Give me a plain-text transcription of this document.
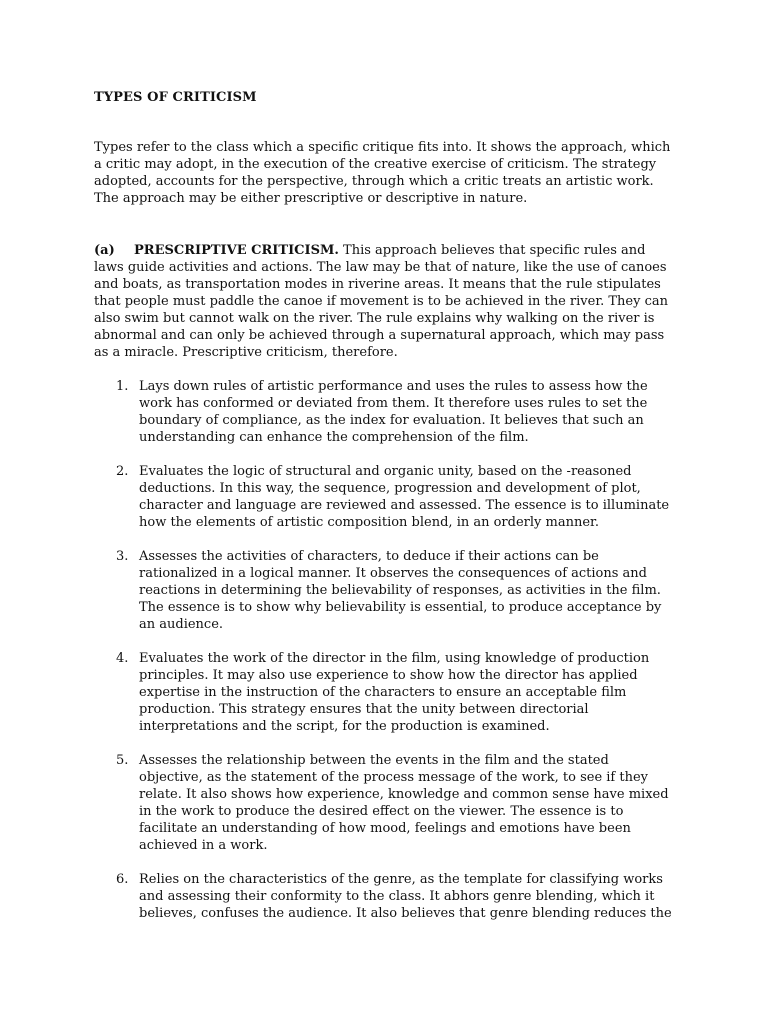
TYPES OF CRITICISM

Types refer to the class which a specific critique fits into. It shows the approach, which a critic may adopt, in the execution of the creative exercise of criticism. The strategy adopted, accounts for the perspective, through which a critic treats an artistic work. The approach may be either prescriptive or descriptive in nature.

(a) PRESCRIPTIVE CRITICISM. This approach believes that specific rules and laws guide activities and actions. The law may be that of nature, like the use of canoes and boats, as transportation modes in riverine areas. It means that the rule stipulates that people must paddle the canoe if movement is to be achieved in the river. They can also swim but cannot walk on the river. The rule explains why walking on the river is abnormal and can only be achieved through a supernatural approach, which may pass as a miracle. Prescriptive criticism, therefore.

1. Lays down rules of artistic performance and uses the rules to assess how the work has conformed or deviated from them. It therefore uses rules to set the boundary of compliance, as the index for evaluation. It believes that such an understanding can enhance the comprehension of the film.
2. Evaluates the logic of structural and organic unity, based on the -reasoned deductions. In this way, the sequence, progression and development of plot, character and language are reviewed and assessed. The essence is to illuminate how the elements of artistic composition blend, in an orderly manner.
3. Assesses the activities of characters, to deduce if their actions can be rationalized in a logical manner. It observes the consequences of actions and reactions in determining the believability of responses, as activities in the film. The essence is to show why believability is essential, to produce acceptance by an audience.
4. Evaluates the work of the director in the film, using knowledge of production principles. It may also use experience to show how the director has applied expertise in the instruction of the characters to ensure an acceptable film production. This strategy ensures that the unity between directorial interpretations and the script, for the production is examined.
5. Assesses the relationship between the events in the film and the stated objective, as the statement of the process message of the work, to see if they relate. It also shows how experience, knowledge and common sense have mixed in the work to produce the desired effect on the viewer. The essence is to facilitate an understanding of how mood, feelings and emotions have been achieved in a work.
6. Relies on the characteristics of the genre, as the template for classifying works and assessing their conformity to the class. It abhors genre blending, which it believes, confuses the audience. It also believes that genre blending reduces the
